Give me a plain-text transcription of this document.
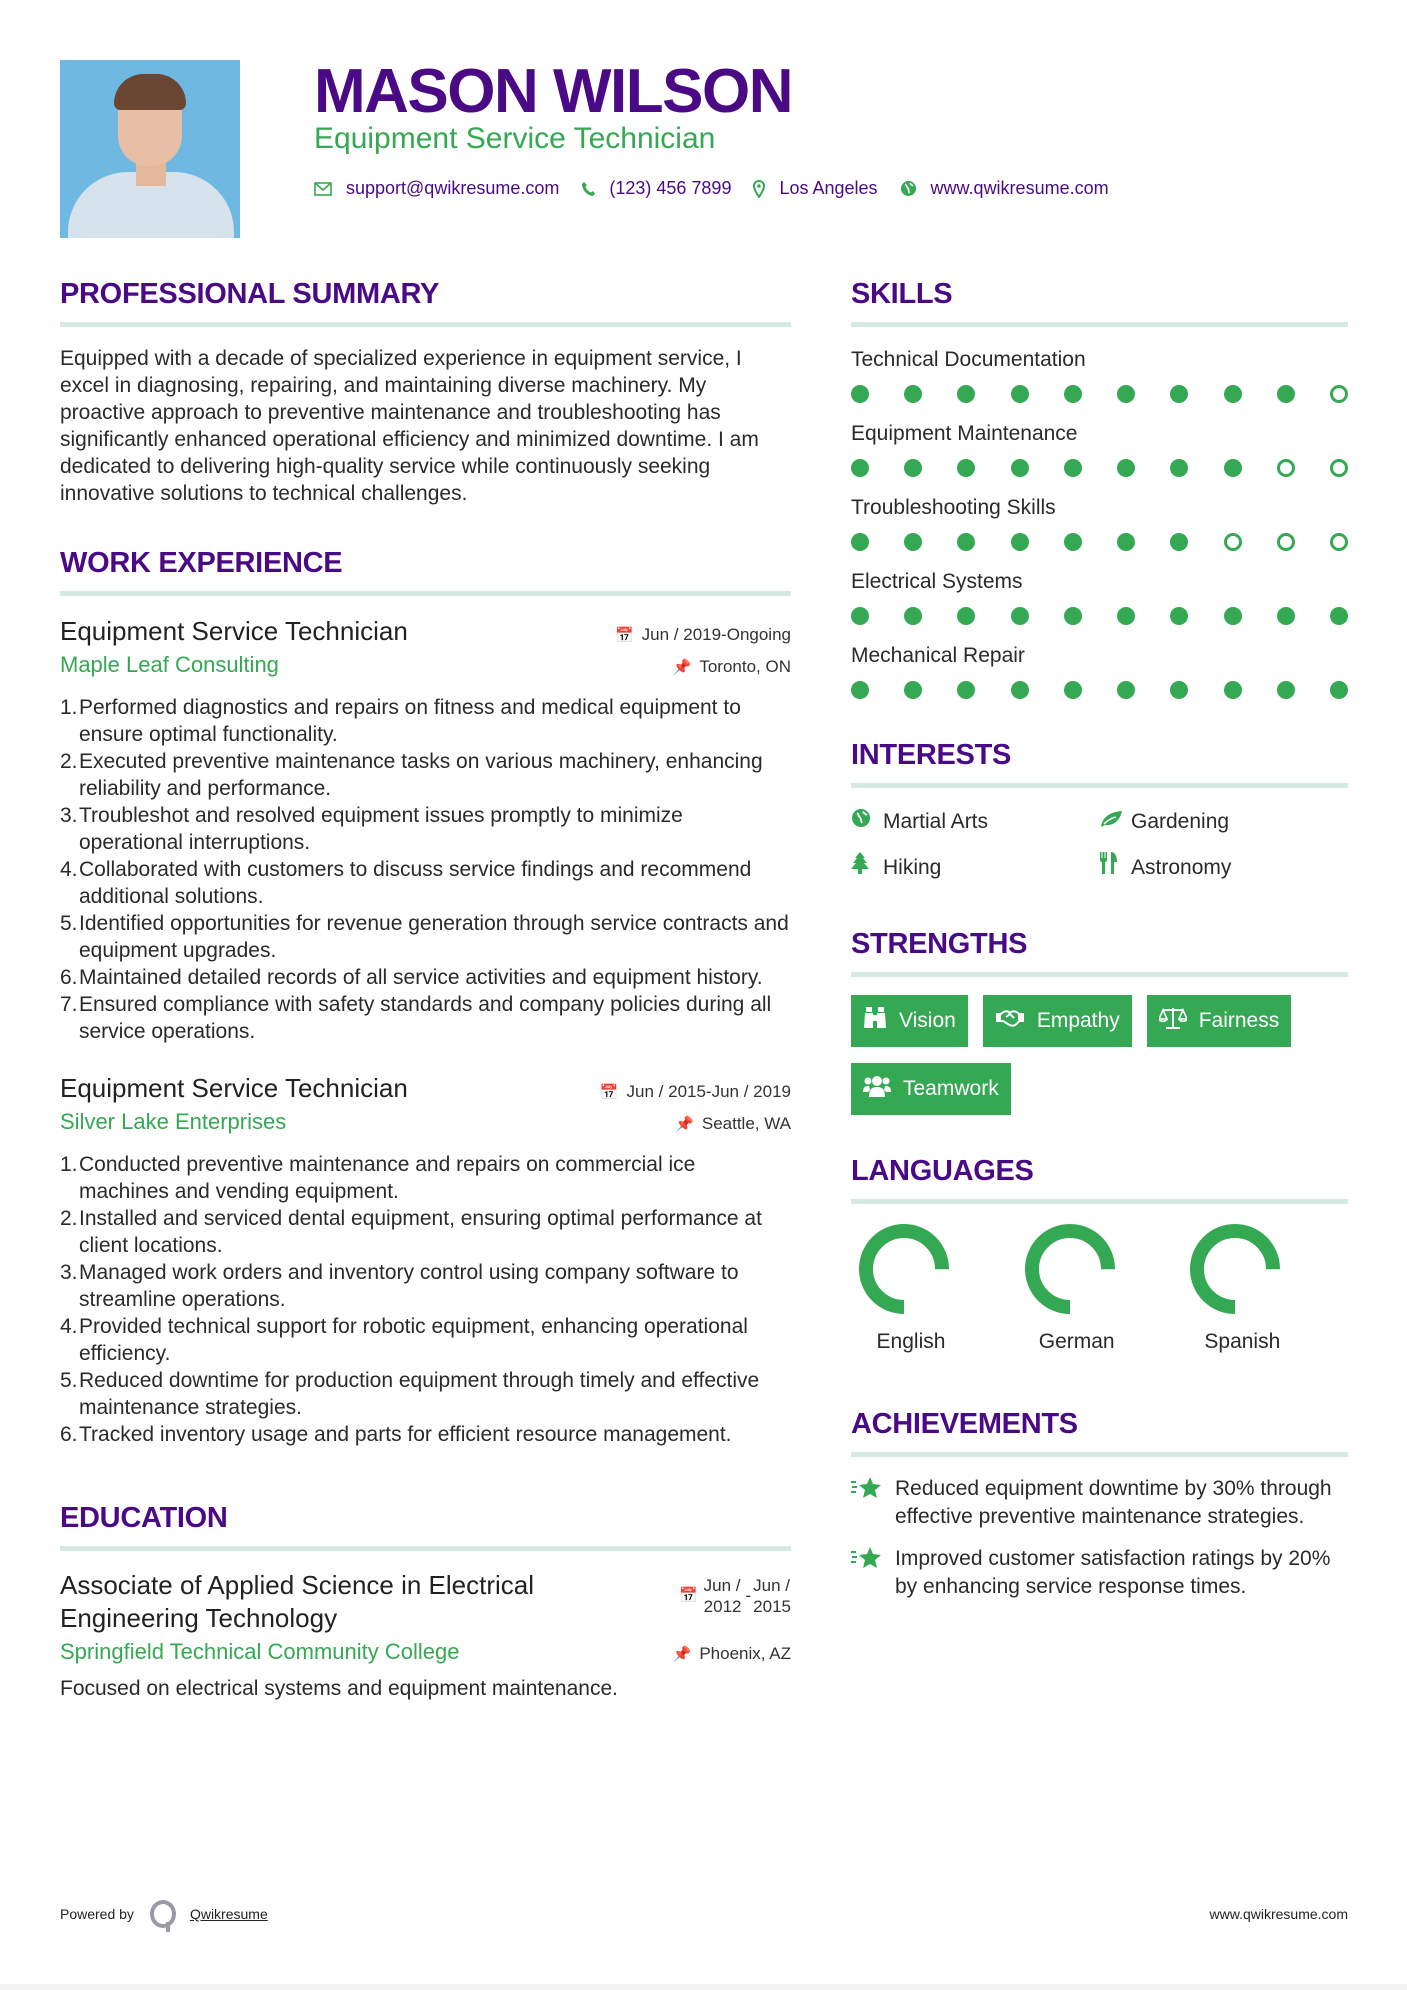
MASON WILSON
Equipment Service Technician
support@qwikresume.com	(123) 456 7899	Los Angeles	www.qwikresume.com
PROFESSIONAL SUMMARY

Equipped with a decade of specialized experience in equipment service, I excel in diagnosing, repairing, and maintaining diverse machinery. My proactive approach to preventive maintenance and troubleshooting has significantly enhanced operational efficiency and minimized downtime. I am dedicated to delivering high-quality service while continuously seeking innovative solutions to technical challenges.

WORK EXPERIENCE
Equipment Service Technician	📅 Jun / 2019-Ongoing
Maple Leaf Consulting	📌 Toronto, ON
1. Performed diagnostics and repairs on fitness and medical equipment to ensure optimal functionality.
2. Executed preventive maintenance tasks on various machinery, enhancing reliability and performance.
3. Troubleshot and resolved equipment issues promptly to minimize operational interruptions.
4. Collaborated with customers to discuss service findings and recommend additional solutions.
5. Identified opportunities for revenue generation through service contracts and equipment upgrades.
6. Maintained detailed records of all service activities and equipment history.
7. Ensured compliance with safety standards and company policies during all service operations.
Equipment Service Technician	📅 Jun / 2015-Jun / 2019
Silver Lake Enterprises	📌 Seattle, WA
1. Conducted preventive maintenance and repairs on commercial ice machines and vending equipment.
2. Installed and serviced dental equipment, ensuring optimal performance at client locations.
3. Managed work orders and inventory control using company software to streamline operations.
4. Provided technical support for robotic equipment, enhancing operational efficiency.
5. Reduced downtime for production equipment through timely and effective maintenance strategies.
6. Tracked inventory usage and parts for efficient resource management.
EDUCATION
Associate of Applied Science in Electrical Engineering Technology
📅
Jun /
2012
-
Jun /
2015
Springfield Technical Community College	📌 Phoenix, AZ

Focused on electrical systems and equipment maintenance.

SKILLS
Technical Documentation
Equipment Maintenance
Troubleshooting Skills
Electrical Systems
Mechanical Repair
INTERESTS
Martial Arts	Gardening
Hiking	Astronomy
STRENGTHS
Vision	Empathy	Fairness
Teamwork
LANGUAGES
English	German	Spanish
ACHIEVEMENTS
Reduced equipment downtime by 30% through effective preventive maintenance strategies.
Improved customer satisfaction ratings by 20% by enhancing service response times.
Powered by	Qwikresume	www.qwikresume.com
